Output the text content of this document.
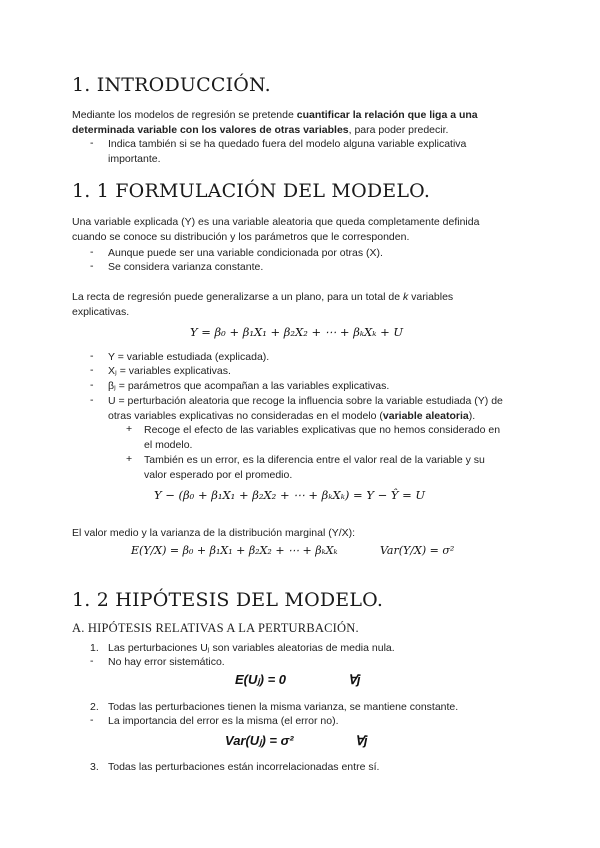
1. INTRODUCCIÓN.
Mediante los modelos de regresión se pretende cuantificar la relación que liga a una determinada variable con los valores de otras variables, para poder predecir.
- Indica también si se ha quedado fuera del modelo alguna variable explicativa
importante.
1. 1 FORMULACIÓN DEL MODELO.
Una variable explicada (Y) es una variable aleatoria que queda completamente definida
cuando se conoce su distribución y los parámetros que le corresponden.
- Aunque puede ser una variable condicionada por otras (X).
- Se considera varianza constante.
La recta de regresión puede generalizarse a un plano, para un total de k variables
explicativas.
Y = β₀ + β₁X₁ + β₂X₂ + ⋯ + βₖXₖ + U
- Y = variable estudiada (explicada).
- Xⱼ = variables explicativas.
- βⱼ = parámetros que acompañan a las variables explicativas.
- U = perturbación aleatoria que recoge la influencia sobre la variable estudiada (Y) de
otras variables explicativas no consideradas en el modelo (variable aleatoria).
+ Recoge el efecto de las variables explicativas que no hemos considerado en
el modelo.
+ También es un error, es la diferencia entre el valor real de la variable y su
valor esperado por el promedio.
Y − (β₀ + β₁X₁ + β₂X₂ + ⋯ + βₖXₖ) = Y − Ŷ = U
El valor medio y la varianza de la distribución marginal (Y/X):
E(Y/X) = β₀ + β₁X₁ + β₂X₂ + ⋯ + βₖXₖ	Var(Y/X) = σ²
1. 2 HIPÓTESIS DEL MODELO.
A. HIPÓTESIS RELATIVAS A LA PERTURBACIÓN.
1. Las perturbaciones Uⱼ son variables aleatorias de media nula.
- No hay error sistemático.
E(Uⱼ) = 0	∀j
2. Todas las perturbaciones tienen la misma varianza, se mantiene constante.
- La importancia del error es la misma (el error no).
Var(Uⱼ) = σ²	∀j
3. Todas las perturbaciones están incorrelacionadas entre sí.
